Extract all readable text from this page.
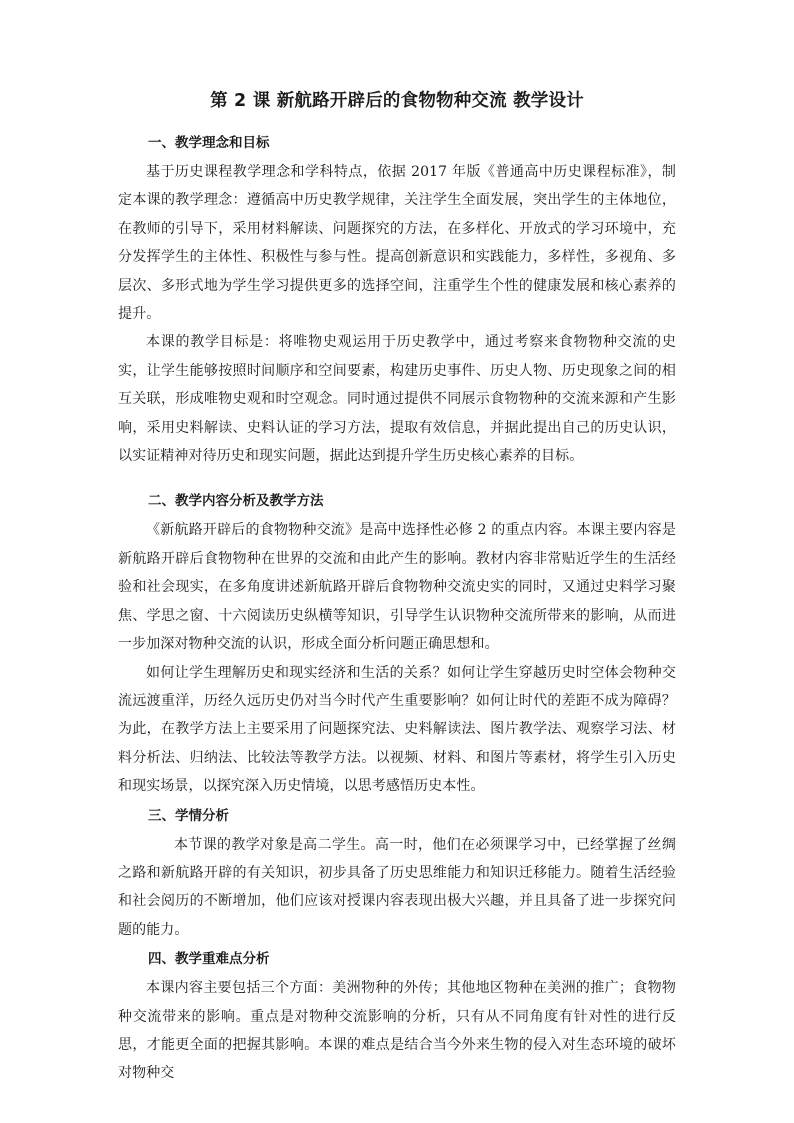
第 2 课 新航路开辟后的食物物种交流 教学设计
一、教学理念和目标

基于历史课程教学理念和学科特点，依据 2017 年版《普通高中历史课程标准》，制定本课的教学理念：遵循高中历史教学规律，关注学生全面发展，突出学生的主体地位，在教师的引导下，采用材料解读、问题探究的方法，在多样化、开放式的学习环境中，充分发挥学生的主体性、积极性与参与性。提高创新意识和实践能力，多样性，多视角、多层次、多形式地为学生学习提供更多的选择空间，注重学生个性的健康发展和核心素养的提升。

本课的教学目标是：将唯物史观运用于历史教学中，通过考察来食物物种交流的史实，让学生能够按照时间顺序和空间要素，构建历史事件、历史人物、历史现象之间的相互关联，形成唯物史观和时空观念。同时通过提供不同展示食物物种的交流来源和产生影响，采用史料解读、史料认证的学习方法，提取有效信息，并据此提出自己的历史认识，以实证精神对待历史和现实问题，据此达到提升学生历史核心素养的目标。

二、教学内容分析及教学方法

《新航路开辟后的食物物种交流》是高中选择性必修 2 的重点内容。本课主要内容是新航路开辟后食物物种在世界的交流和由此产生的影响。教材内容非常贴近学生的生活经验和社会现实，在多角度讲述新航路开辟后食物物种交流史实的同时，又通过史料学习聚焦、学思之窗、十六阅读历史纵横等知识，引导学生认识物种交流所带来的影响，从而进一步加深对物种交流的认识，形成全面分析问题正确思想和。

如何让学生理解历史和现实经济和生活的关系？如何让学生穿越历史时空体会物种交流远渡重洋，历经久远历史仍对当今时代产生重要影响？如何让时代的差距不成为障碍？为此，在教学方法上主要采用了问题探究法、史料解读法、图片教学法、观察学习法、材料分析法、归纳法、比较法等教学方法。以视频、材料、和图片等素材，将学生引入历史和现实场景，以探究深入历史情境，以思考感悟历史本性。

三、学情分析

本节课的教学对象是高二学生。高一时，他们在必须课学习中，已经掌握了丝绸之路和新航路开辟的有关知识，初步具备了历史思维能力和知识迁移能力。随着生活经验和社会阅历的不断增加，他们应该对授课内容表现出极大兴趣，并且具备了进一步探究问题的能力。

四、教学重难点分析

本课内容主要包括三个方面：美洲物种的外传；其他地区物种在美洲的推广；食物物种交流带来的影响。重点是对物种交流影响的分析，只有从不同角度有针对性的进行反思，才能更全面的把握其影响。本课的难点是结合当今外来生物的侵入对生态环境的破坏对物种交
